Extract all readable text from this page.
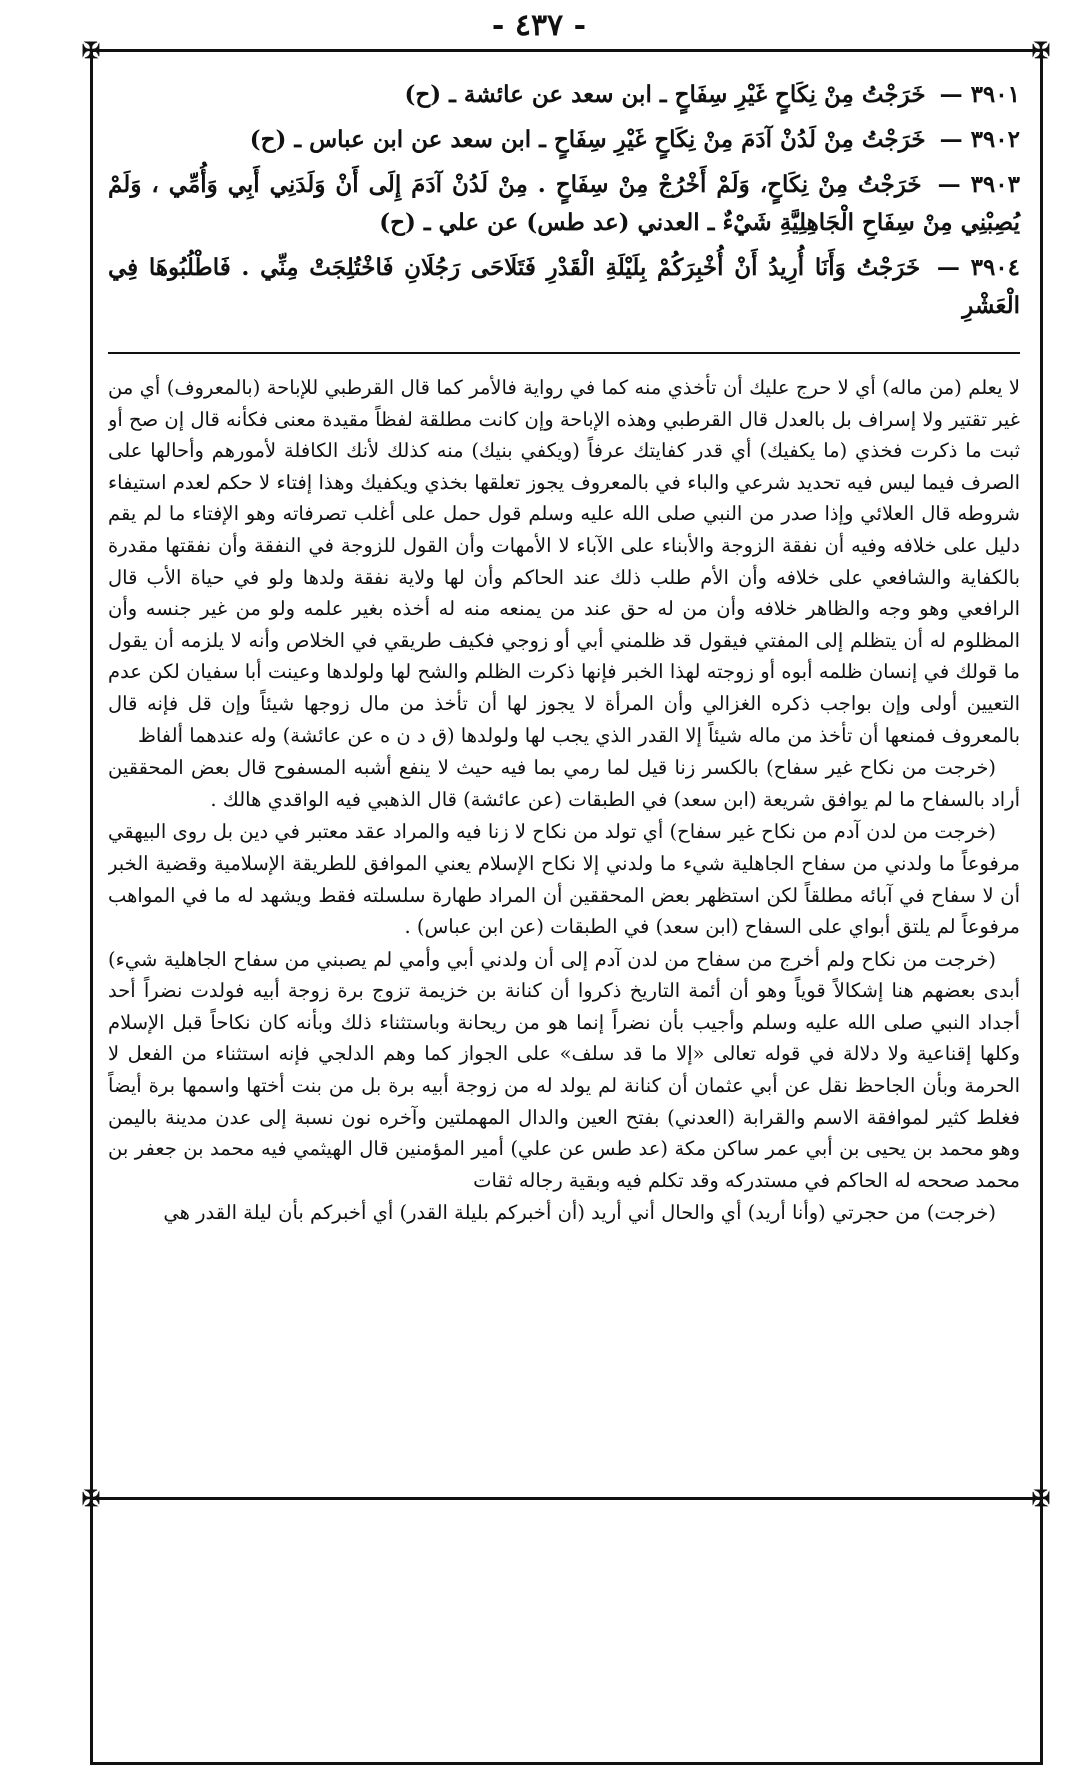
- ٤٣٧ -
✠	✠
✠	✠

٣٩٠١ — خَرَجْتُ مِنْ نِكَاحٍ غَيْرِ سِفَاحٍ ـ ابن سعد عن عائشة ـ (ح)

٣٩٠٢ — خَرَجْتُ مِنْ لَدُنْ آدَمَ مِنْ نِكَاحٍ غَيْرِ سِفَاحٍ ـ ابن سعد عن ابن عباس ـ (ح)

٣٩٠٣ — خَرَجْتُ مِنْ نِكَاحٍ، وَلَمْ أَخْرُجْ مِنْ سِفَاحٍ . مِنْ لَدُنْ آدَمَ إِلَى أَنْ وَلَدَنِي أَبِي وَأُمِّي ، وَلَمْ يُصِبْنِي مِنْ سِفَاحِ الْجَاهِلِيَّةِ شَيْءٌ ـ العدني (عد طس) عن علي ـ (ح)

٣٩٠٤ — خَرَجْتُ وَأَنَا أُرِيدُ أَنْ أُخْبِرَكُمْ بِلَيْلَةِ الْقَدْرِ فَتَلَاحَى رَجُلَانِ فَاخْتُلِجَتْ مِنِّي . فَاطْلُبُوهَا فِي الْعَشْرِ

لا يعلم (من ماله) أي لا حرج عليك أن تأخذي منه كما في رواية فالأمر كما قال القرطبي للإباحة (بالمعروف) أي من غير تقتير ولا إسراف بل بالعدل قال القرطبي وهذه الإباحة وإن كانت مطلقة لفظاً مقيدة معنى فكأنه قال إن صح أو ثبت ما ذكرت فخذي (ما يكفيك) أي قدر كفايتك عرفاً (ويكفي بنيك) منه كذلك لأنك الكافلة لأمورهم وأحالها على الصرف فيما ليس فيه تحديد شرعي والباء في بالمعروف يجوز تعلقها بخذي ويكفيك وهذا إفتاء لا حكم لعدم استيفاء شروطه قال العلائي وإذا صدر من النبي صلى الله عليه وسلم قول حمل على أغلب تصرفاته وهو الإفتاء ما لم يقم دليل على خلافه وفيه أن نفقة الزوجة والأبناء على الآباء لا الأمهات وأن القول للزوجة في النفقة وأن نفقتها مقدرة بالكفاية والشافعي على خلافه وأن الأم طلب ذلك عند الحاكم وأن لها ولاية نفقة ولدها ولو في حياة الأب قال الرافعي وهو وجه والظاهر خلافه وأن من له حق عند من يمنعه منه له أخذه بغير علمه ولو من غير جنسه وأن المظلوم له أن يتظلم إلى المفتي فيقول قد ظلمني أبي أو زوجي فكيف طريقي في الخلاص وأنه لا يلزمه أن يقول ما قولك في إنسان ظلمه أبوه أو زوجته لهذا الخبر فإنها ذكرت الظلم والشح لها ولولدها وعينت أبا سفيان لكن عدم التعيين أولى وإن بواجب ذكره الغزالي وأن المرأة لا يجوز لها أن تأخذ من مال زوجها شيئاً وإن قل فإنه قال بالمعروف فمنعها أن تأخذ من ماله شيئاً إلا القدر الذي يجب لها ولولدها (ق د ن ه عن عائشة) وله عندهما ألفاظ

(خرجت من نكاح غير سفاح) بالكسر زنا قيل لما رمي بما فيه حيث لا ينفع أشبه المسفوح قال بعض المحققين أراد بالسفاح ما لم يوافق شريعة (ابن سعد) في الطبقات (عن عائشة) قال الذهبي فيه الواقدي هالك .

(خرجت من لدن آدم من نكاح غير سفاح) أي تولد من نكاح لا زنا فيه والمراد عقد معتبر في دين بل روى البيهقي مرفوعاً ما ولدني من سفاح الجاهلية شيء ما ولدني إلا نكاح الإسلام يعني الموافق للطريقة الإسلامية وقضية الخبر أن لا سفاح في آبائه مطلقاً لكن استظهر بعض المحققين أن المراد طهارة سلسلته فقط ويشهد له ما في المواهب مرفوعاً لم يلتق أبواي على السفاح (ابن سعد) في الطبقات (عن ابن عباس) .

(خرجت من نكاح ولم أخرج من سفاح من لدن آدم إلى أن ولدني أبي وأمي لم يصبني من سفاح الجاهلية شيء) أبدى بعضهم هنا إشكالاً قوياً وهو أن أئمة التاريخ ذكروا أن كنانة بن خزيمة تزوج برة زوجة أبيه فولدت نضراً أحد أجداد النبي صلى الله عليه وسلم وأجيب بأن نضراً إنما هو من ريحانة وباستثناء ذلك وبأنه كان نكاحاً قبل الإسلام وكلها إقناعية ولا دلالة في قوله تعالى «إلا ما قد سلف» على الجواز كما وهم الدلجي فإنه استثناء من الفعل لا الحرمة وبأن الجاحظ نقل عن أبي عثمان أن كنانة لم يولد له من زوجة أبيه برة بل من بنت أختها واسمها برة أيضاً فغلط كثير لموافقة الاسم والقرابة (العدني) بفتح العين والدال المهملتين وآخره نون نسبة إلى عدن مدينة باليمن وهو محمد بن يحيى بن أبي عمر ساكن مكة (عد طس عن علي) أمير المؤمنين قال الهيثمي فيه محمد بن جعفر بن محمد صححه له الحاكم في مستدركه وقد تكلم فيه وبقية رجاله ثقات

(خرجت) من حجرتي (وأنا أريد) أي والحال أني أريد (أن أخبركم بليلة القدر) أي أخبركم بأن ليلة القدر هي
